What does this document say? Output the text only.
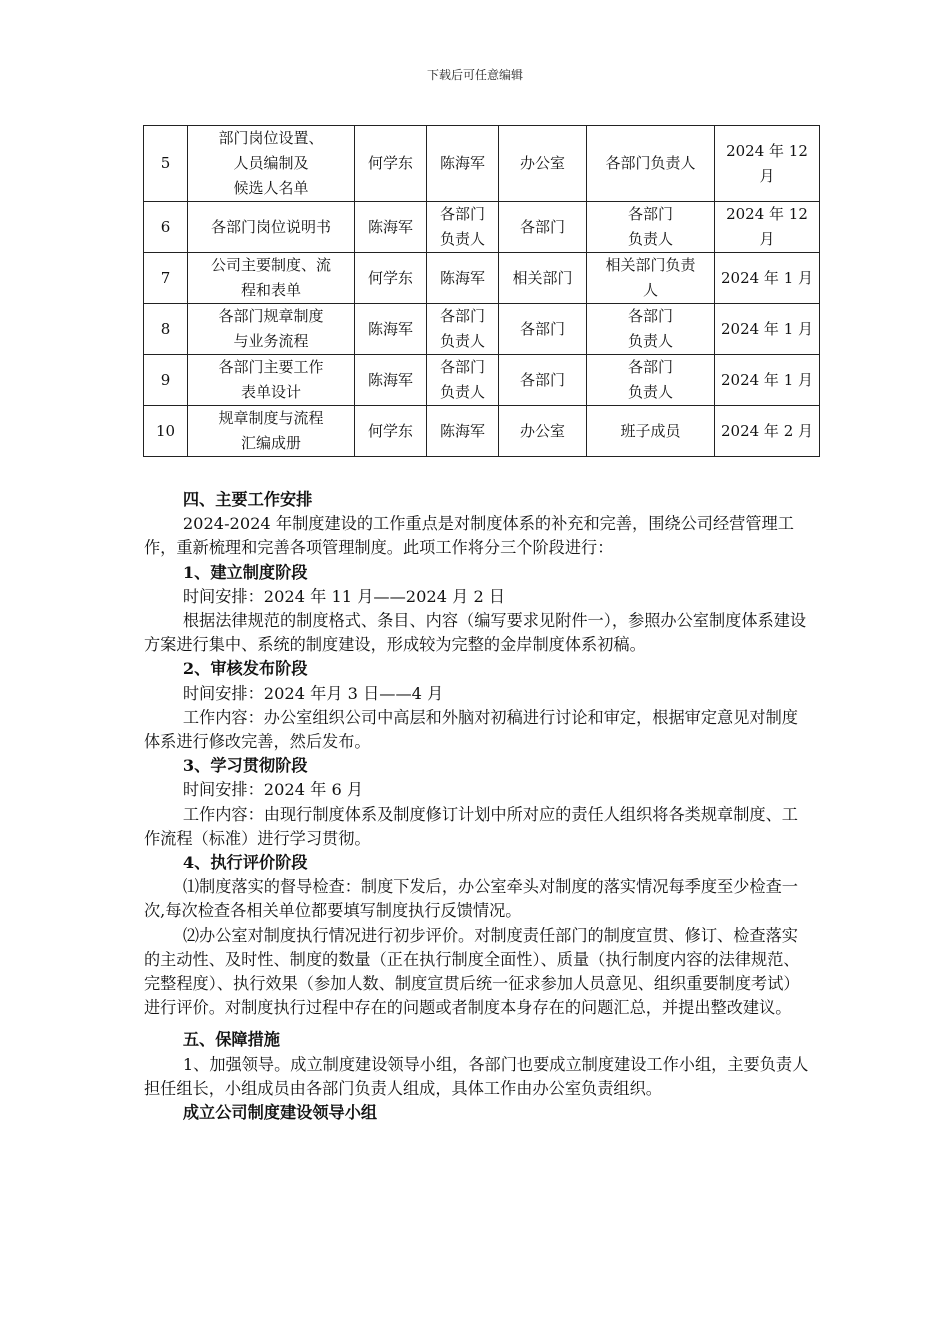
下载后可任意编辑
5	部门岗位设置、
人员编制及
候选人名单	何学东	陈海军	办公室	各部门负责人	2024 年 12 月
6	各部门岗位说明书	陈海军	各部门
负责人	各部门	各部门
负责人	2024 年 12 月
7	公司主要制度、流
程和表单	何学东	陈海军	相关部门	相关部门负责
人	2024 年 1 月
8	各部门规章制度
与业务流程	陈海军	各部门
负责人	各部门	各部门
负责人	2024 年 1 月
9	各部门主要工作
表单设计	陈海军	各部门
负责人	各部门	各部门
负责人	2024 年 1 月
10	规章制度与流程
汇编成册	何学东	陈海军	办公室	班子成员	2024 年 2 月

四、主要工作安排

2024-2024 年制度建设的工作重点是对制度体系的补充和完善，围绕公司经营管理工作，重新梳理和完善各项管理制度。此项工作将分三个阶段进行：

1、建立制度阶段

时间安排：2024 年 11 月——2024 月 2 日

根据法律规范的制度格式、条目、内容（编写要求见附件一），参照办公室制度体系建设方案进行集中、系统的制度建设，形成较为完整的金岸制度体系初稿。

2、审核发布阶段

时间安排：2024 年月 3 日——4 月

工作内容：办公室组织公司中高层和外脑对初稿进行讨论和审定，根据审定意见对制度体系进行修改完善，然后发布。

3、学习贯彻阶段

时间安排：2024 年 6 月

工作内容：由现行制度体系及制度修订计划中所对应的责任人组织将各类规章制度、工作流程（标准）进行学习贯彻。

4、执行评价阶段

⑴制度落实的督导检查：制度下发后，办公室牵头对制度的落实情况每季度至少检查一次,每次检查各相关单位都要填写制度执行反馈情况。

⑵办公室对制度执行情况进行初步评价。对制度责任部门的制度宣贯、修订、检查落实的主动性、及时性、制度的数量（正在执行制度全面性）、质量（执行制度内容的法律规范、完整程度）、执行效果（参加人数、制度宣贯后统一征求参加人员意见、组织重要制度考试）进行评价。对制度执行过程中存在的问题或者制度本身存在的问题汇总，并提出整改建议。

五、保障措施

1、加强领导。成立制度建设领导小组，各部门也要成立制度建设工作小组，主要负责人担任组长，小组成员由各部门负责人组成，具体工作由办公室负责组织。

成立公司制度建设领导小组
